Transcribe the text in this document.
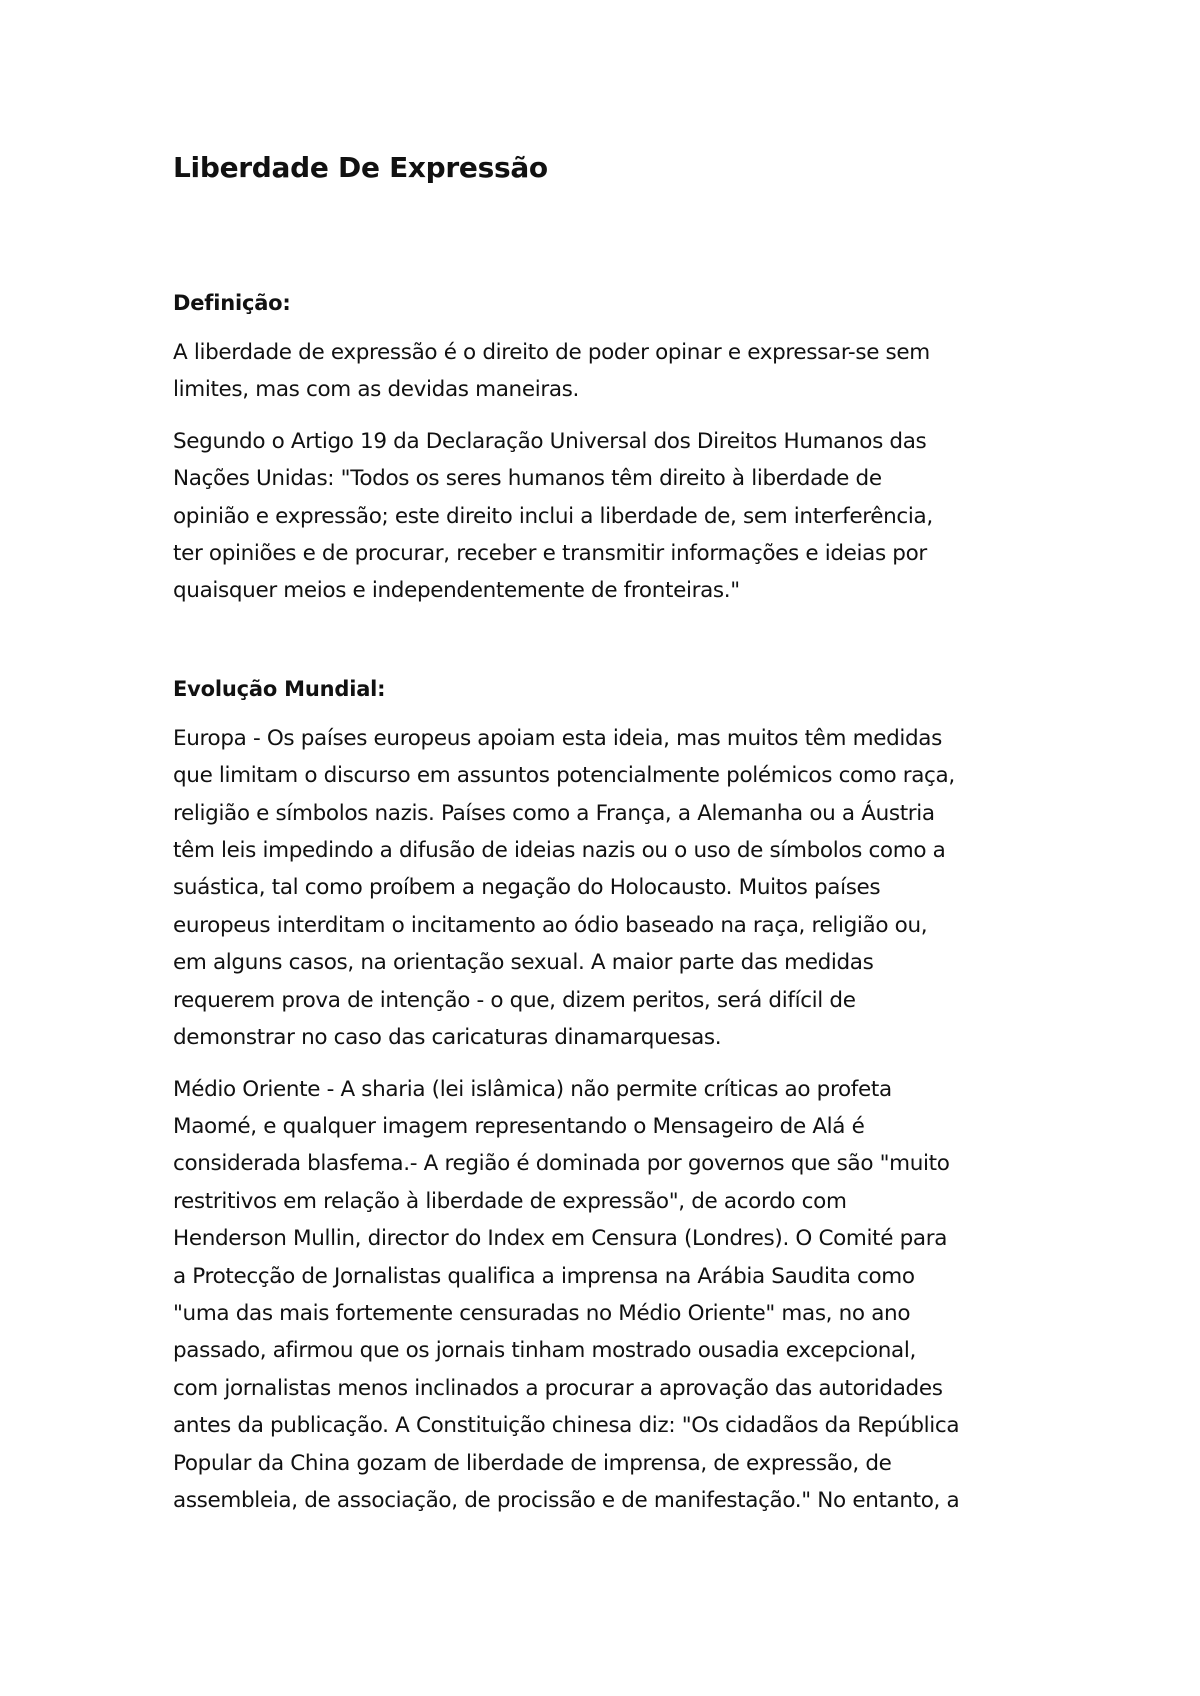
Liberdade De Expressão
Definição:

A liberdade de expressão é o direito de poder opinar e expressar-se sem
limites, mas com as devidas maneiras.

Segundo o Artigo 19 da Declaração Universal dos Direitos Humanos das
Nações Unidas: "Todos os seres humanos têm direito à liberdade de
opinião e expressão; este direito inclui a liberdade de, sem interferência,
ter opiniões e de procurar, receber e transmitir informações e ideias por
quaisquer meios e independentemente de fronteiras."

Evolução Mundial:

Europa - Os países europeus apoiam esta ideia, mas muitos têm medidas
que limitam o discurso em assuntos potencialmente polémicos como raça,
religião e símbolos nazis. Países como a França, a Alemanha ou a Áustria
têm leis impedindo a difusão de ideias nazis ou o uso de símbolos como a
suástica, tal como proíbem a negação do Holocausto. Muitos países
europeus interditam o incitamento ao ódio baseado na raça, religião ou,
em alguns casos, na orientação sexual. A maior parte das medidas
requerem prova de intenção - o que, dizem peritos, será difícil de
demonstrar no caso das caricaturas dinamarquesas.

Médio Oriente - A sharia (lei islâmica) não permite críticas ao profeta
Maomé, e qualquer imagem representando o Mensageiro de Alá é
considerada blasfema.- A região é dominada por governos que são "muito
restritivos em relação à liberdade de expressão", de acordo com
Henderson Mullin, director do Index em Censura (Londres). O Comité para
a Protecção de Jornalistas qualifica a imprensa na Arábia Saudita como
"uma das mais fortemente censuradas no Médio Oriente" mas, no ano
passado, afirmou que os jornais tinham mostrado ousadia excepcional,
com jornalistas menos inclinados a procurar a aprovação das autoridades
antes da publicação. A Constituição chinesa diz: "Os cidadãos da República
Popular da China gozam de liberdade de imprensa, de expressão, de
assembleia, de associação, de procissão e de manifestação." No entanto, a
